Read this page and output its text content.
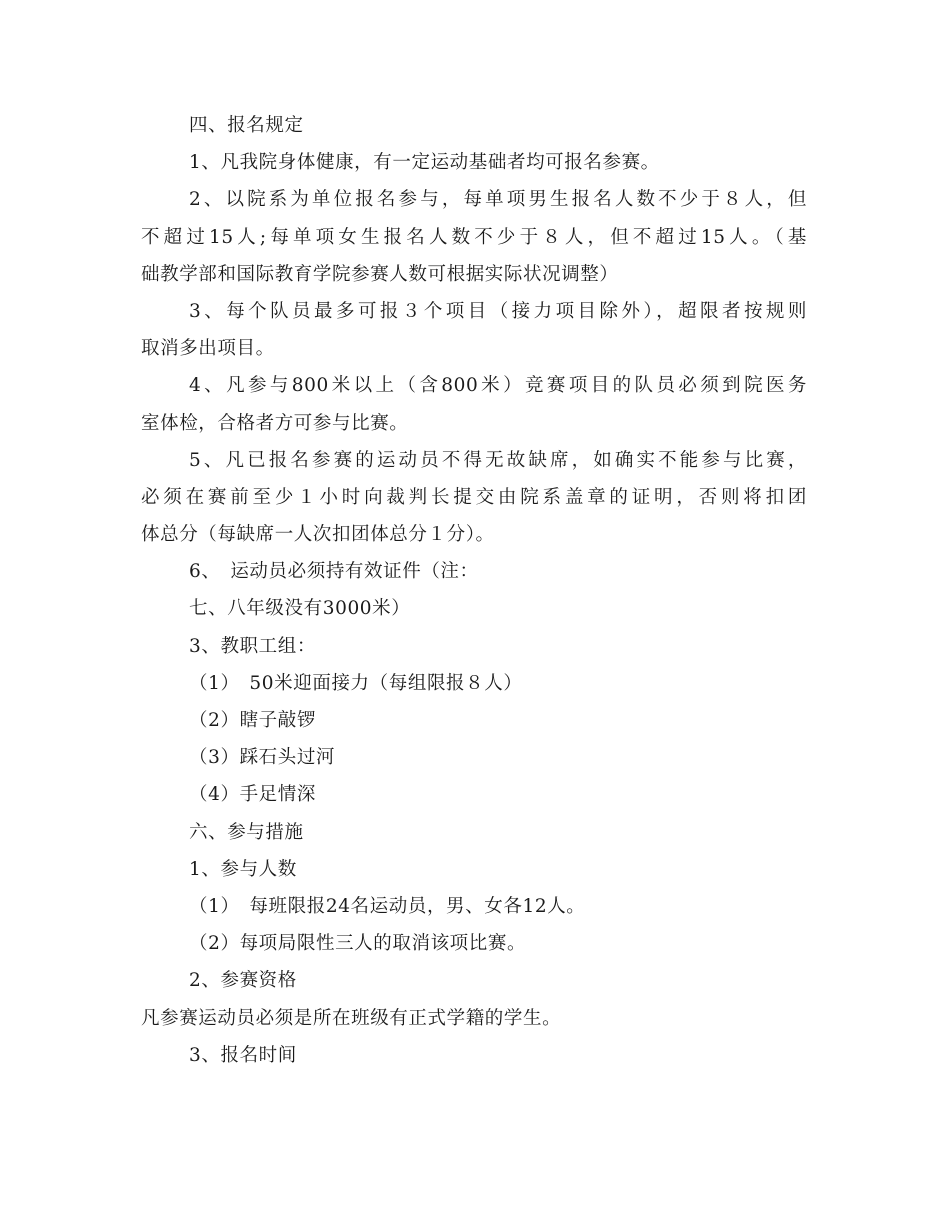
四、报名规定
1、凡我院身体健康，有一定运动基础者均可报名参赛。
2、以院系为单位报名参与，每单项男生报名人数不少于８人，但
不超过15人;每单项女生报名人数不少于８人，但不超过15人。（基
础教学部和国际教育学院参赛人数可根据实际状况调整）
3、每个队员最多可报３个项目（接力项目除外），超限者按规则
取消多出项目。
4、凡参与800米以上（含800米）竞赛项目的队员必须到院医务
室体检，合格者方可参与比赛。
5、凡已报名参赛的运动员不得无故缺席，如确实不能参与比赛，
必须在赛前至少１小时向裁判长提交由院系盖章的证明，否则将扣团
体总分（每缺席一人次扣团体总分１分）。
6、　运动员必须持有效证件（注：
七、八年级没有3000米）
3、教职工组：
（1）　50米迎面接力（每组限报８人）
（2）瞎子敲锣
（3）踩石头过河
（4）手足情深
六、参与措施
1、参与人数
（1）　每班限报24名运动员，男、女各12人。
（2）每项局限性三人的取消该项比赛。
2、参赛资格
凡参赛运动员必须是所在班级有正式学籍的学生。
3、报名时间
